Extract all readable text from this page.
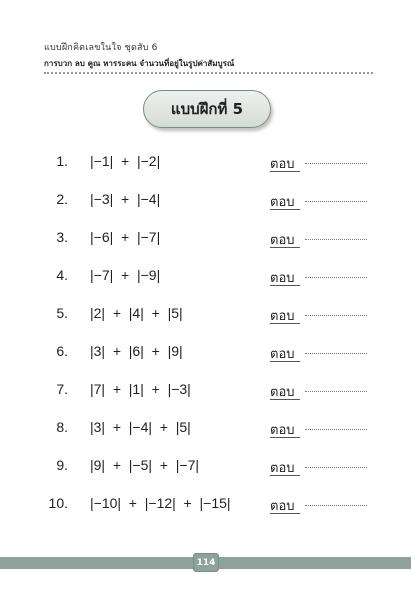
แบบฝึกคิดเลขในใจ ชุดสับ 6
การบวก ลบ คูณ หารระคน จำนวนที่อยู่ในรูปค่าสัมบูรณ์
แบบฝึกที่ 5
1. |−1|  +  |−2|	ตอบ
2. |−3|  +  |−4|	ตอบ
3. |−6|  +  |−7|	ตอบ
4. |−7|  +  |−9|	ตอบ
5. |2|  +  |4|  +  |5|	ตอบ
6. |3|  +  |6|  +  |9|	ตอบ
7. |7|  +  |1|  +  |−3|	ตอบ
8. |3|  +  |−4|  +  |5|	ตอบ
9. |9|  +  |−5|  +  |−7|	ตอบ
10. |−10|  +  |−12|  +  |−15|	ตอบ
114
